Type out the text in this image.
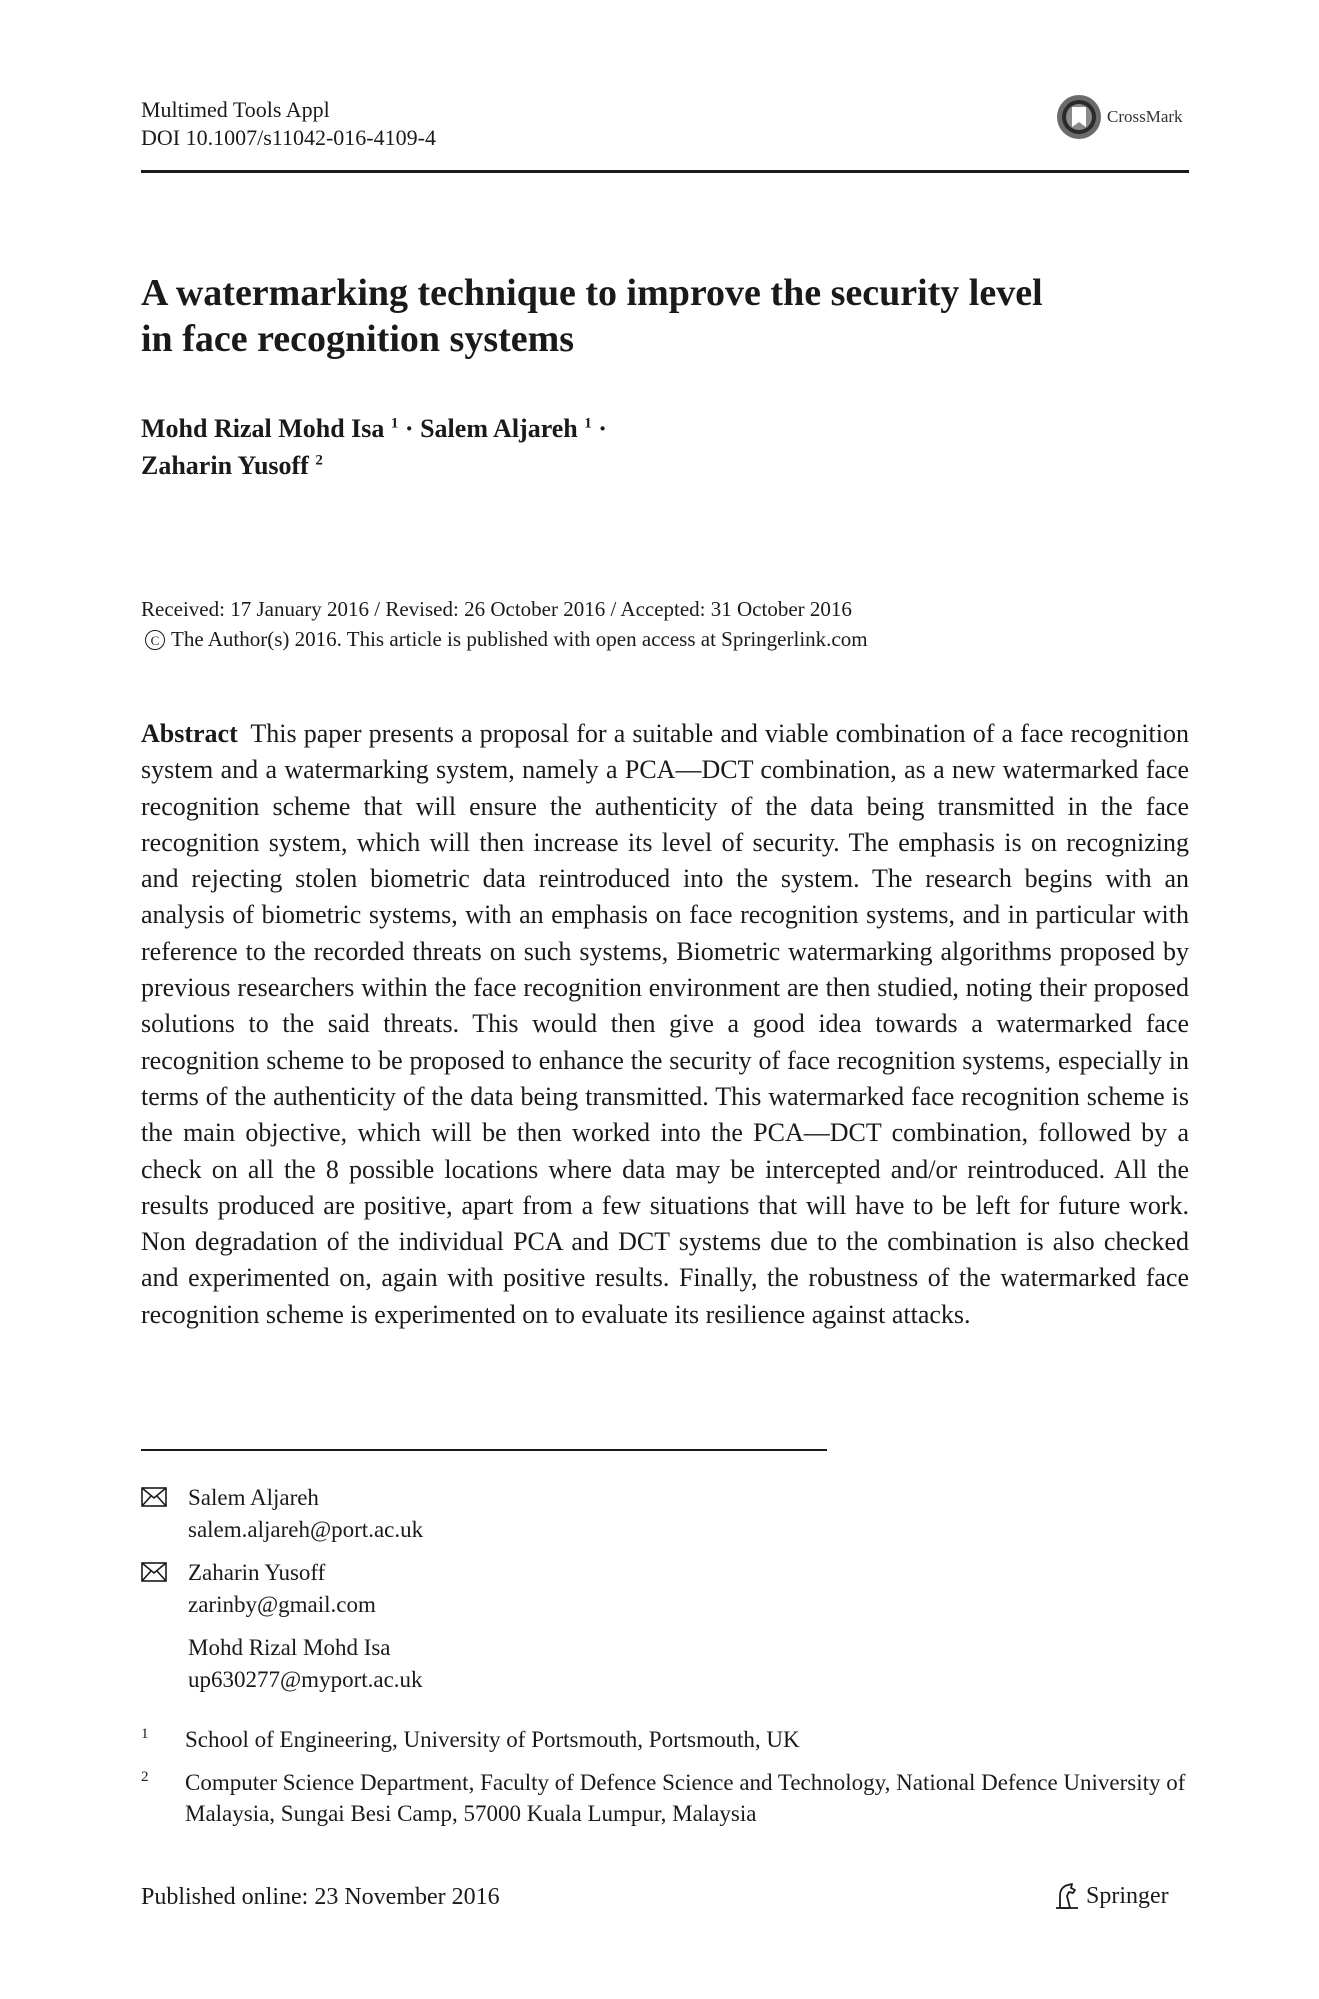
Multimed Tools Appl
DOI 10.1007/s11042-016-4109-4
CrossMark
A watermarking technique to improve the security level
in face recognition systems
Mohd Rizal Mohd Isa $^1$ · Salem Aljareh $^1$ ·
Zaharin Yusoff $^2$
Received: 17 January 2016 / Revised: 26 October 2016 / Accepted: 31 October 2016
C The Author(s) 2016. This article is published with open access at Springerlink.com
Abstract This paper presents a proposal for a suitable and viable combination of a face recognition system and a watermarking system, namely a PCA—DCT combination, as a new watermarked face recognition scheme that will ensure the authenticity of the data being transmitted in the face recognition system, which will then increase its level of security. The emphasis is on recognizing and rejecting stolen biometric data reintroduced into the system. The research begins with an analysis of biometric systems, with an emphasis on face recognition systems, and in particular with reference to the recorded threats on such systems, Biometric watermarking algorithms proposed by previous researchers within the face recognition environment are then studied, noting their proposed solutions to the said threats. This would then give a good idea towards a watermarked face recognition scheme to be proposed to enhance the security of face recognition systems, especially in terms of the authenticity of the data being transmitted. This watermarked face recognition scheme is the main objective, which will be then worked into the PCA—DCT combination, followed by a check on all the 8 possible locations where data may be intercepted and/or reintroduced. All the results produced are positive, apart from a few situations that will have to be left for future work. Non degradation of the individual PCA and DCT systems due to the combination is also checked and experimented on, again with positive results. Finally, the robustness of the watermarked face recognition scheme is experimented on to evaluate its resilience against attacks.
Salem Aljareh
salem.aljareh@port.ac.uk
Zaharin Yusoff
zarinby@gmail.com
Mohd Rizal Mohd Isa
up630277@myport.ac.uk
1	School of Engineering, University of Portsmouth, Portsmouth, UK
2	Computer Science Department, Faculty of Defence Science and Technology, National Defence University of Malaysia, Sungai Besi Camp, 57000 Kuala Lumpur, Malaysia
Published online: 23 November 2016	Springer
